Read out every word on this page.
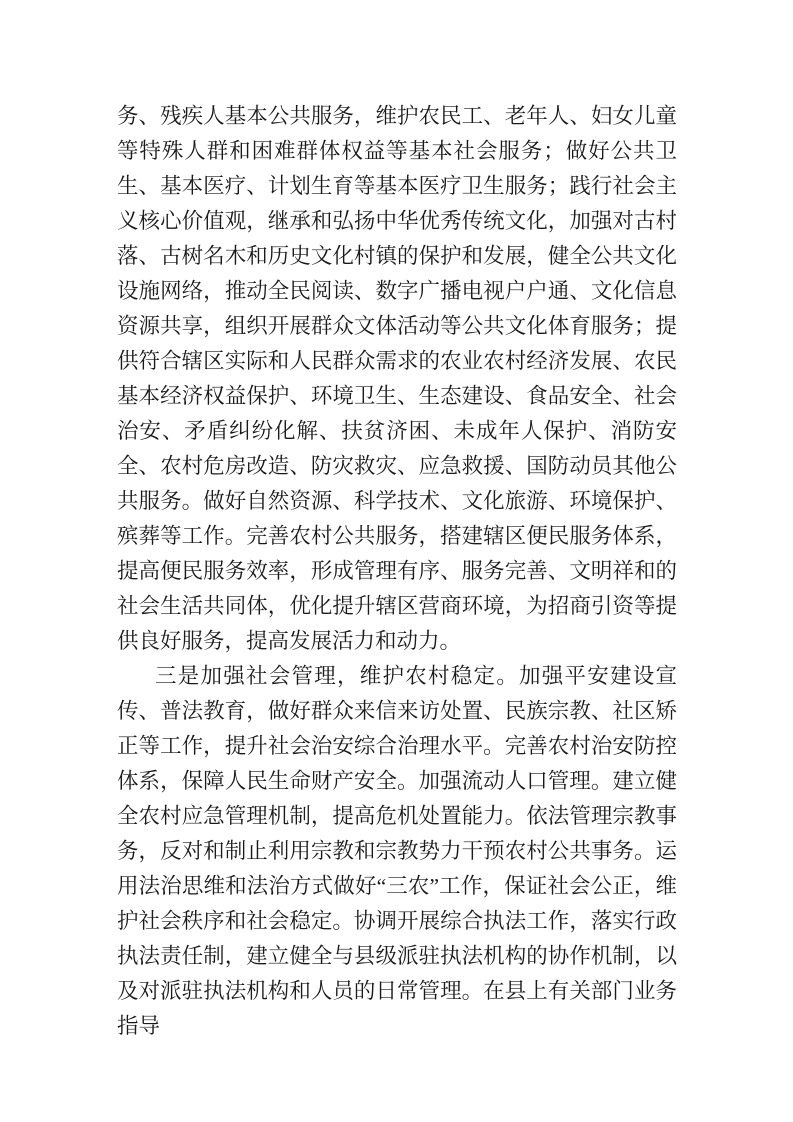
务、残疾人基本公共服务，维护农民工、老年人、妇女儿童等特殊人群和困难群体权益等基本社会服务；做好公共卫生、基本医疗、计划生育等基本医疗卫生服务；践行社会主义核心价值观，继承和弘扬中华优秀传统文化，加强对古村落、古树名木和历史文化村镇的保护和发展，健全公共文化设施网络，推动全民阅读、数字广播电视户户通、文化信息资源共享，组织开展群众文体活动等公共文化体育服务；提供符合辖区实际和人民群众需求的农业农村经济发展、农民基本经济权益保护、环境卫生、生态建设、食品安全、社会治安、矛盾纠纷化解、扶贫济困、未成年人保护、消防安全、农村危房改造、防灾救灾、应急救援、国防动员其他公共服务。做好自然资源、科学技术、文化旅游、环境保护、殡葬等工作。完善农村公共服务，搭建辖区便民服务体系，提高便民服务效率，形成管理有序、服务完善、文明祥和的社会生活共同体，优化提升辖区营商环境，为招商引资等提供良好服务，提高发展活力和动力。

三是加强社会管理，维护农村稳定。加强平安建设宣传、普法教育，做好群众来信来访处置、民族宗教、社区矫正等工作，提升社会治安综合治理水平。完善农村治安防控体系，保障人民生命财产安全。加强流动人口管理。建立健全农村应急管理机制，提高危机处置能力。依法管理宗教事务，反对和制止利用宗教和宗教势力干预农村公共事务。运用法治思维和法治方式做好“三农”工作，保证社会公正，维护社会秩序和社会稳定。协调开展综合执法工作，落实行政执法责任制，建立健全与县级派驻执法机构的协作机制，以及对派驻执法机构和人员的日常管理。在县上有关部门业务指导
